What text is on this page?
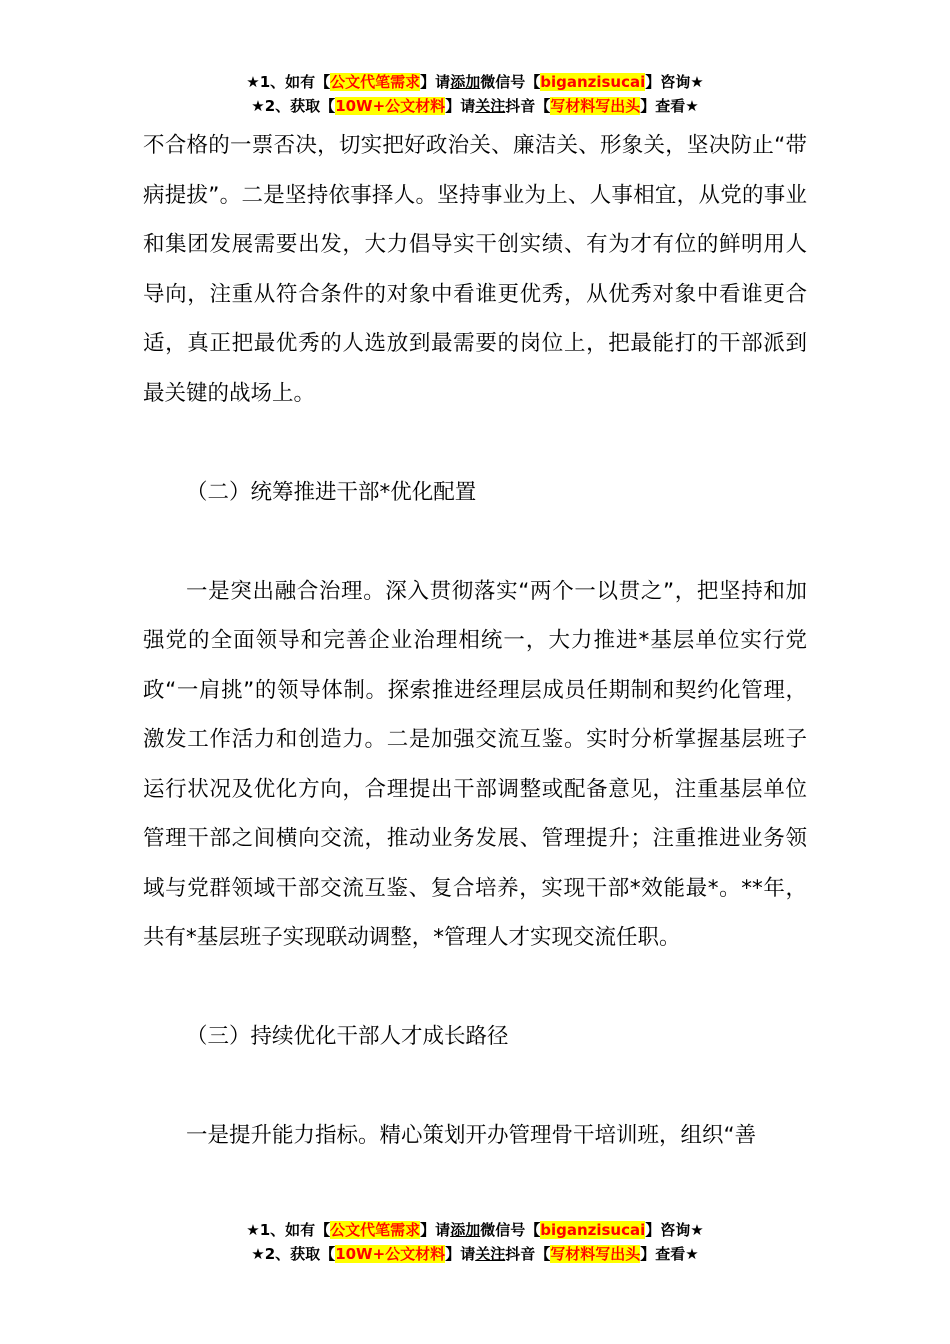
★1、如有【公文代笔需求】请添加微信号【biganzisucai】咨询★
★2、获取【10W+公文材料】请关注抖音【写材料写出头】查看★

不合格的一票否决，切实把好政治关、廉洁关、形象关，坚决防止“带病提拔”。二是坚持依事择人。坚持事业为上、人事相宜，从党的事业和集团发展需要出发，大力倡导实干创实绩、有为才有位的鲜明用人导向，注重从符合条件的对象中看谁更优秀，从优秀对象中看谁更合适，真正把最优秀的人选放到最需要的岗位上，把最能打的干部派到最关键的战场上。

（二）统筹推进干部*优化配置

一是突出融合治理。深入贯彻落实“两个一以贯之”，把坚持和加强党的全面领导和完善企业治理相统一，大力推进*基层单位实行党政“一肩挑”的领导体制。探索推进经理层成员任期制和契约化管理，激发工作活力和创造力。二是加强交流互鉴。实时分析掌握基层班子运行状况及优化方向，合理提出干部调整或配备意见，注重基层单位管理干部之间横向交流，推动业务发展、管理提升；注重推进业务领域与党群领域干部交流互鉴、复合培养，实现干部*效能最*。**年，共有*基层班子实现联动调整，*管理人才实现交流任职。

（三）持续优化干部人才成长路径

一是提升能力指标。精心策划开办管理骨干培训班，组织“善

★1、如有【公文代笔需求】请添加微信号【biganzisucai】咨询★
★2、获取【10W+公文材料】请关注抖音【写材料写出头】查看★
